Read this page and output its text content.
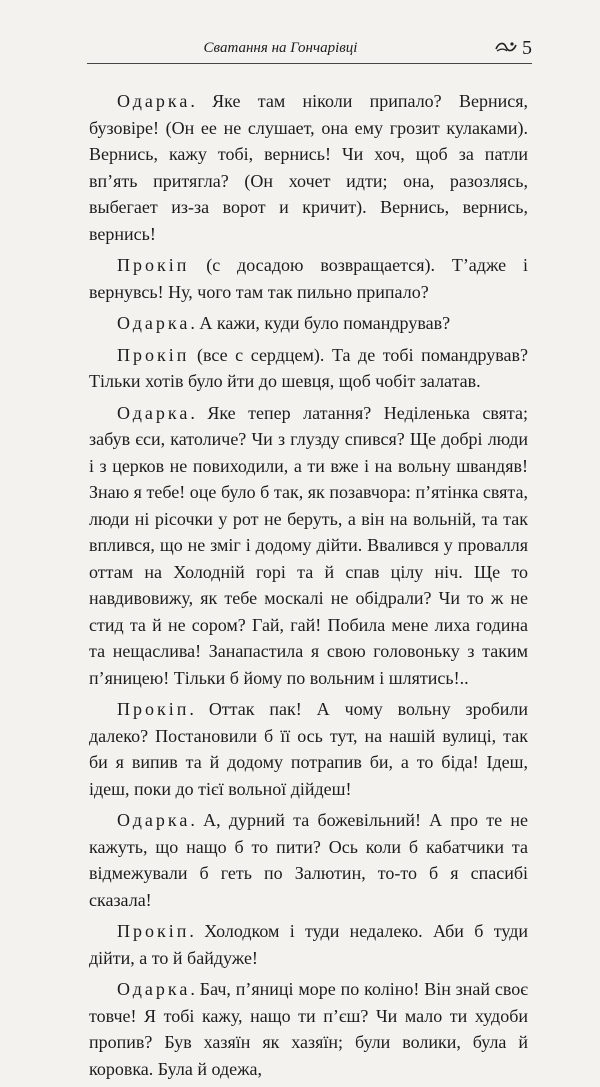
Сватання на Гончарівці	5

Одарка. Яке там ніколи припало? Вернися, бузовіре! (Он ее не слушает, она ему грозит кулаками). Вернись, кажу тобі, вернись! Чи хоч, щоб за патли вп’ять притягла? (Он хочет идти; она, разозлясь, выбегает из-за ворот и кричит). Вернись, вернись, вернись!

Прокіп (с досадою возвращается). Т’адже і вернувсь! Ну, чого там так пильно припало?

Одарка. А кажи, куди було помандрував?

Прокіп (все с сердцем). Та де тобі помандрував? Тільки хотів було йти до шевця, щоб чобіт залатав.

Одарка. Яке тепер латання? Неділенька свята; забув єси, католиче? Чи з глузду спився? Ще добрі люди і з церков не повиходили, а ти вже і на вольну швандяв! Знаю я тебе! оце було б так, як позавчора: п’ятінка свята, люди ні рісочки у рот не беруть, а він на вольній, та так вплився, що не зміг і додому дійти. Ввалився у провалля оттам на Холодній горі та й спав цілу ніч. Ще то навдивовижу, як тебе москалі не обідрали? Чи то ж не стид та й не сором? Гай, гай! Побила мене лиха година та нещаслива! Занапастила я свою головоньку з таким п’яницею! Тільки б йому по вольним і шлятись!..

Прокіп. Оттак пак! А чому вольну зробили далеко? Постановили б її ось тут, на нашій вулиці, так би я випив та й додому потрапив би, а то біда! Ідеш, ідеш, поки до тієї вольної дійдеш!

Одарка. А, дурний та божевільний! А про те не кажуть, що нащо б то пити? Ось коли б кабатчики та відмежували б геть по Залютин, то-то б я спасибі сказала!

Прокіп. Холодком і туди недалеко. Аби б туди дійти, а то й байдуже!

Одарка. Бач, п’яниці море по коліно! Він знай своє товче! Я тобі кажу, нащо ти п’єш? Чи мало ти худоби пропив? Був хазяїн як хазяїн; були волики, була й коровка. Була й одежа,
